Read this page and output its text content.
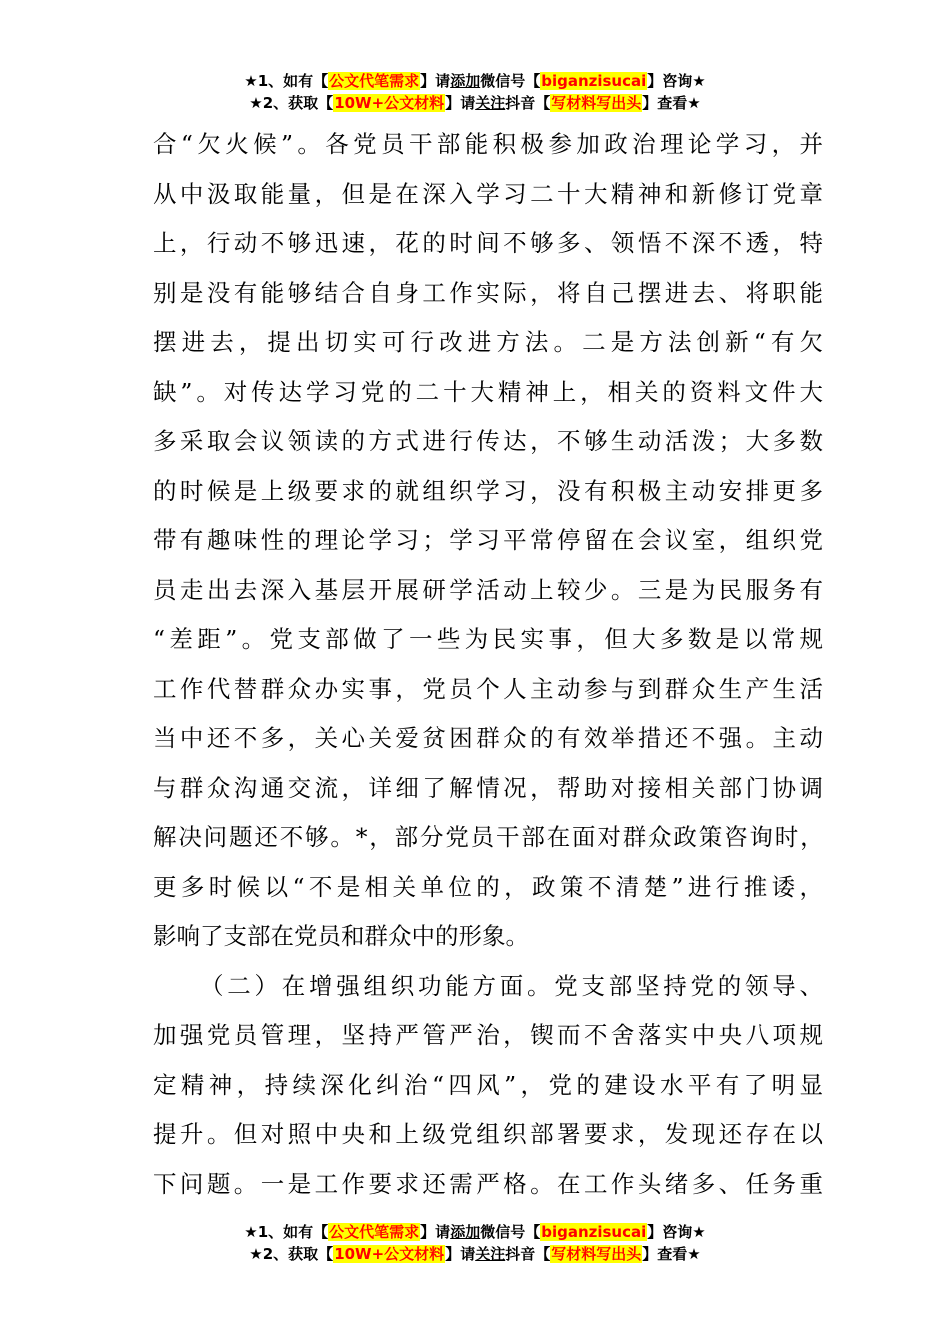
★1、如有【公文代笔需求】请添加微信号【biganzisucai】咨询★
★2、获取【10W+公文材料】请关注抖音【写材料写出头】查看★

合“欠火候”。各党员干部能积极参加政治理论学习，并
从中汲取能量，但是在深入学习二十大精神和新修订党章
上，行动不够迅速，花的时间不够多、领悟不深不透，特
别是没有能够结合自身工作实际，将自己摆进去、将职能
摆进去，提出切实可行改进方法。二是方法创新“有欠
缺”。对传达学习党的二十大精神上，相关的资料文件大
多采取会议领读的方式进行传达，不够生动活泼；大多数
的时候是上级要求的就组织学习，没有积极主动安排更多
带有趣味性的理论学习；学习平常停留在会议室，组织党
员走出去深入基层开展研学活动上较少。三是为民服务有
“差距”。党支部做了一些为民实事，但大多数是以常规
工作代替群众办实事，党员个人主动参与到群众生产生活
当中还不多，关心关爱贫困群众的有效举措还不强。主动
与群众沟通交流，详细了解情况，帮助对接相关部门协调
解决问题还不够。*，部分党员干部在面对群众政策咨询时，
更多时候以“不是相关单位的，政策不清楚”进行推诿，
影响了支部在党员和群众中的形象。

（二）在增强组织功能方面。党支部坚持党的领导、
加强党员管理，坚持严管严治，锲而不舍落实中央八项规
定精神，持续深化纠治“四风”，党的建设水平有了明显
提升。但对照中央和上级党组织部署要求，发现还存在以
下问题。一是工作要求还需严格。在工作头绪多、任务重

★1、如有【公文代笔需求】请添加微信号【biganzisucai】咨询★
★2、获取【10W+公文材料】请关注抖音【写材料写出头】查看★
